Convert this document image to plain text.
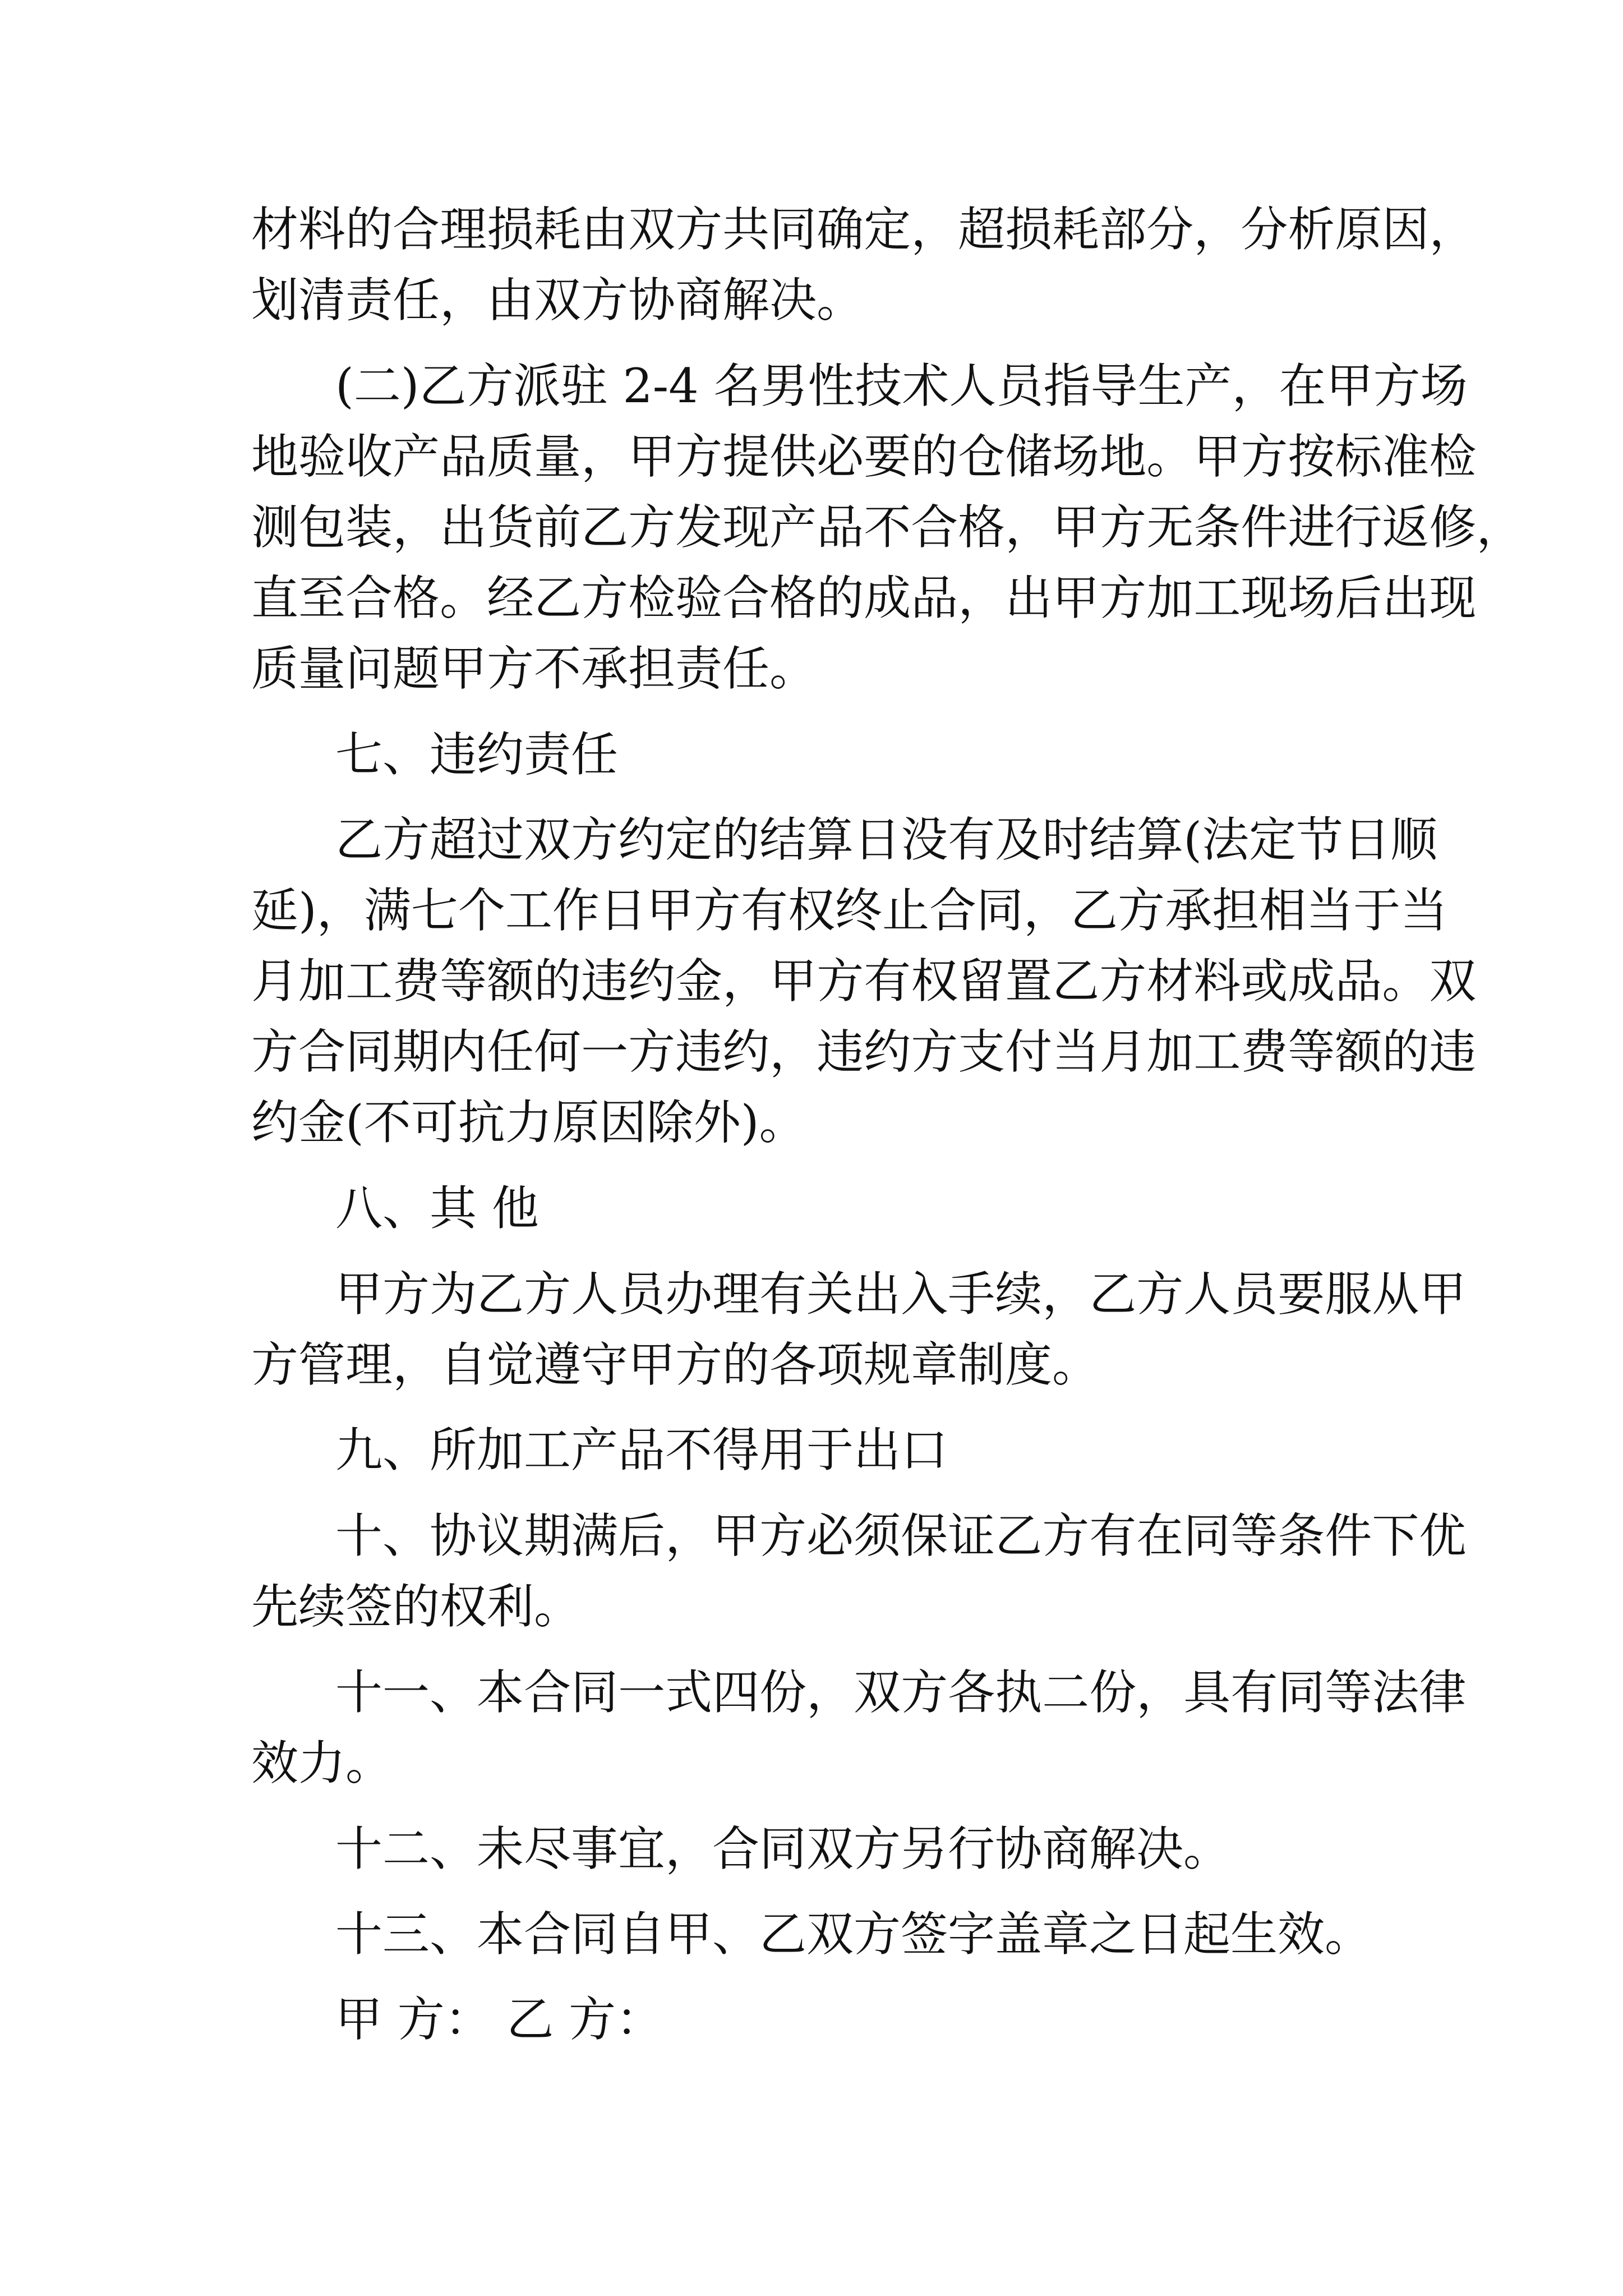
材 料 的 合 理 损 耗 由 双 方 共 同 确 定 ， 超 损 耗 部 分 ， 分 析 原 因 ，
划清责任，由双方协商解决。
( 二 ) 乙 方 派 驻
2 - 4
名 男 性 技 术 人 员 指 导 生 产 ， 在 甲 方 场
地 验 收 产 品 质 量 ， 甲 方 提 供 必 要 的 仓 储 场 地 。 甲 方 按 标 准 检
测 包 装 ， 出 货 前 乙 方 发 现 产 品 不 合 格 ， 甲 方 无 条 件 进 行 返 修 ，
直 至 合 格 。 经 乙 方 检 验 合 格 的 成 品 ， 出 甲 方 加 工 现 场 后 出 现
质量问题甲方不承担责任。
七、违约责任
乙 方 超 过 双 方 约 定 的 结 算 日 没 有 及 时 结 算 ( 法 定 节 日 顺
延 ) ， 满 七 个 工 作 日 甲 方 有 权 终 止 合 同 ， 乙 方 承 担 相 当 于 当
月 加 工 费 等 额 的 违 约 金 ， 甲 方 有 权 留 置 乙 方 材 料 或 成 品 。 双
方 合 同 期 内 任 何 一 方 违 约 ， 违 约 方 支 付 当 月 加 工 费 等 额 的 违
约金(不可抗力原因除外)。
八、其 他
甲 方 为 乙 方 人 员 办 理 有 关 出 入 手 续 ， 乙 方 人 员 要 服 从 甲
方管理，自觉遵守甲方的各项规章制度。
九、所加工产品不得用于出口
十 、 协 议 期 满 后 ， 甲 方 必 须 保 证 乙 方 有 在 同 等 条 件 下 优
先续签的权利。
十 一 、 本 合 同 一 式 四 份 ， 双 方 各 执 二 份 ， 具 有 同 等 法 律
效力。
十二、未尽事宜，合同双方另行协商解决。
十三、本合同自甲、乙双方签字盖章之日起生效。
甲 方： 乙 方：
